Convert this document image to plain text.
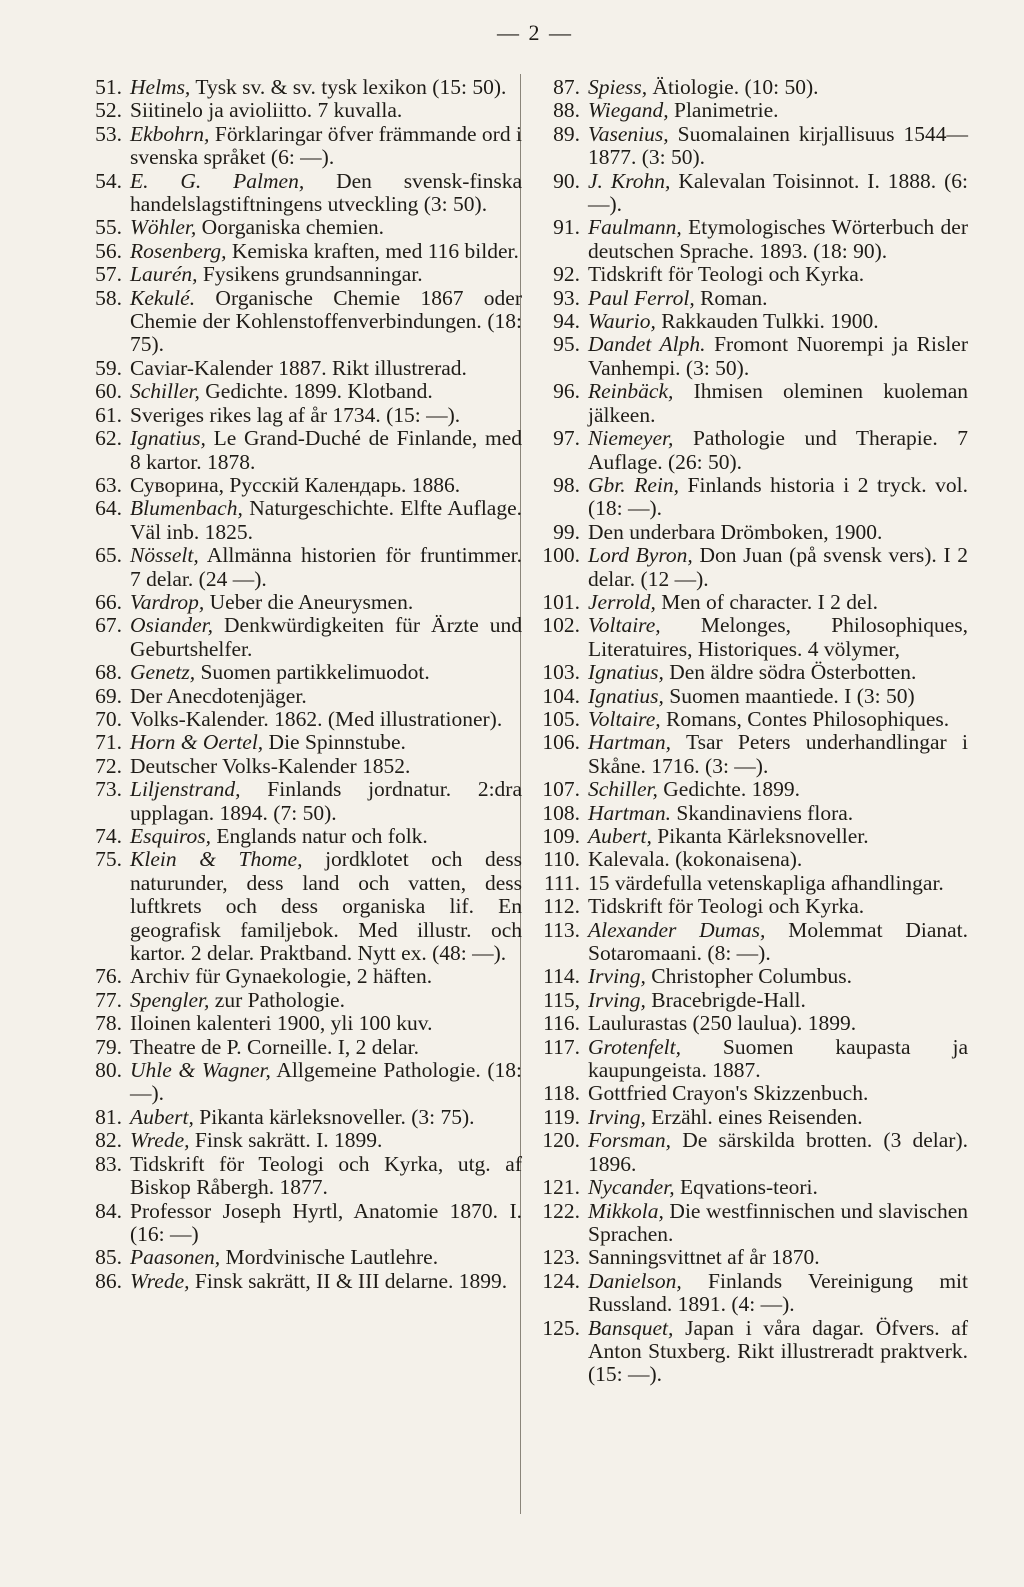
— 2 —
51. Helms, Tysk sv. & sv. tysk lexikon (15: 50).
52. Siitinelo ja avioliitto. 7 kuvalla.
53. Ekbohrn, Förklaringar öfver främmande ord i svenska språket (6: —).
54. E. G. Palmen, Den svensk-finska handelslagstiftningens utveckling (3: 50).
55. Wöhler, Oorganiska chemien.
56. Rosenberg, Kemiska kraften, med 116 bilder.
57. Laurén, Fysikens grundsanningar.
58. Kekulé. Organische Chemie 1867 oder Chemie der Kohlenstoffenverbindungen. (18: 75).
59. Caviar-Kalender 1887. Rikt illustrerad.
60. Schiller, Gedichte. 1899. Klotband.
61. Sveriges rikes lag af år 1734. (15: —).
62. Ignatius, Le Grand-Duché de Finlande, med 8 kartor. 1878.
63. Суворина, Русскій Календарь. 1886.
64. Blumenbach, Naturgeschichte. Elfte Auflage. Väl inb. 1825.
65. Nösselt, Allmänna historien för fruntimmer. 7 delar. (24 —).
66. Vardrop, Ueber die Aneurysmen.
67. Osiander, Denkwürdigkeiten für Ärzte und Geburtshelfer.
68. Genetz, Suomen partikkelimuodot.
69. Der Anecdotenjäger.
70. Volks-Kalender. 1862. (Med illustrationer).
71. Horn & Oertel, Die Spinnstube.
72. Deutscher Volks-Kalender 1852.
73. Liljenstrand, Finlands jordnatur. 2:dra upplagan. 1894. (7: 50).
74. Esquiros, Englands natur och folk.
75. Klein & Thome, jordklotet och dess naturunder, dess land och vatten, dess luftkrets och dess organiska lif. En geografisk familjebok. Med illustr. och kartor. 2 delar. Praktband. Nytt ex. (48: —).
76. Archiv für Gynaekologie, 2 häften.
77. Spengler, zur Pathologie.
78. Iloinen kalenteri 1900, yli 100 kuv.
79. Theatre de P. Corneille. I, 2 delar.
80. Uhle & Wagner, Allgemeine Pathologie. (18: —).
81. Aubert, Pikanta kärleksnoveller. (3: 75).
82. Wrede, Finsk sakrätt. I. 1899.
83. Tidskrift för Teologi och Kyrka, utg. af Biskop Råbergh. 1877.
84. Professor Joseph Hyrtl, Anatomie 1870. I. (16: —)
85. Paasonen, Mordvinische Lautlehre.
86. Wrede, Finsk sakrätt, II & III delarne. 1899.
87. Spiess, Ätiologie. (10: 50).
88. Wiegand, Planimetrie.
89. Vasenius, Suomalainen kirjallisuus 1544—1877. (3: 50).
90. J. Krohn, Kalevalan Toisinnot. I. 1888. (6: —).
91. Faulmann, Etymologisches Wörterbuch der deutschen Sprache. 1893. (18: 90).
92. Tidskrift för Teologi och Kyrka.
93. Paul Ferrol, Roman.
94. Waurio, Rakkauden Tulkki. 1900.
95. Dandet Alph. Fromont Nuorempi ja Risler Vanhempi. (3: 50).
96. Reinbäck, Ihmisen oleminen kuoleman jälkeen.
97. Niemeyer, Pathologie und Therapie. 7 Auflage. (26: 50).
98. Gbr. Rein, Finlands historia i 2 tryck. vol. (18: —).
99. Den underbara Drömboken, 1900.
100. Lord Byron, Don Juan (på svensk vers). I 2 delar. (12 —).
101. Jerrold, Men of character. I 2 del.
102. Voltaire, Melonges, Philosophiques, Literatuires, Historiques. 4 völymer,
103. Ignatius, Den äldre södra Österbotten.
104. Ignatius, Suomen maantiede. I (3: 50)
105. Voltaire, Romans, Contes Philosophiques.
106. Hartman, Tsar Peters underhandlingar i Skåne. 1716. (3: —).
107. Schiller, Gedichte. 1899.
108. Hartman. Skandinaviens flora.
109. Aubert, Pikanta Kärleksnoveller.
110. Kalevala. (kokonaisena).
111. 15 värdefulla vetenskapliga afhandlingar.
112. Tidskrift för Teologi och Kyrka.
113. Alexander Dumas, Molemmat Dianat. Sotaromaani. (8: —).
114. Irving, Christopher Columbus.
115, Irving, Bracebrigde-Hall.
116. Laulurastas (250 laulua). 1899.
117. Grotenfelt, Suomen kaupasta ja kaupungeista. 1887.
118. Gottfried Crayon's Skizzenbuch.
119. Irving, Erzähl. eines Reisenden.
120. Forsman, De särskilda brotten. (3 delar). 1896.
121. Nycander, Eqvations-teori.
122. Mikkola, Die westfinnischen und slavischen Sprachen.
123. Sanningsvittnet af år 1870.
124. Danielson, Finlands Vereinigung mit Russland. 1891. (4: —).
125. Bansquet, Japan i våra dagar. Öfvers. af Anton Stuxberg. Rikt illustreradt praktverk. (15: —).
